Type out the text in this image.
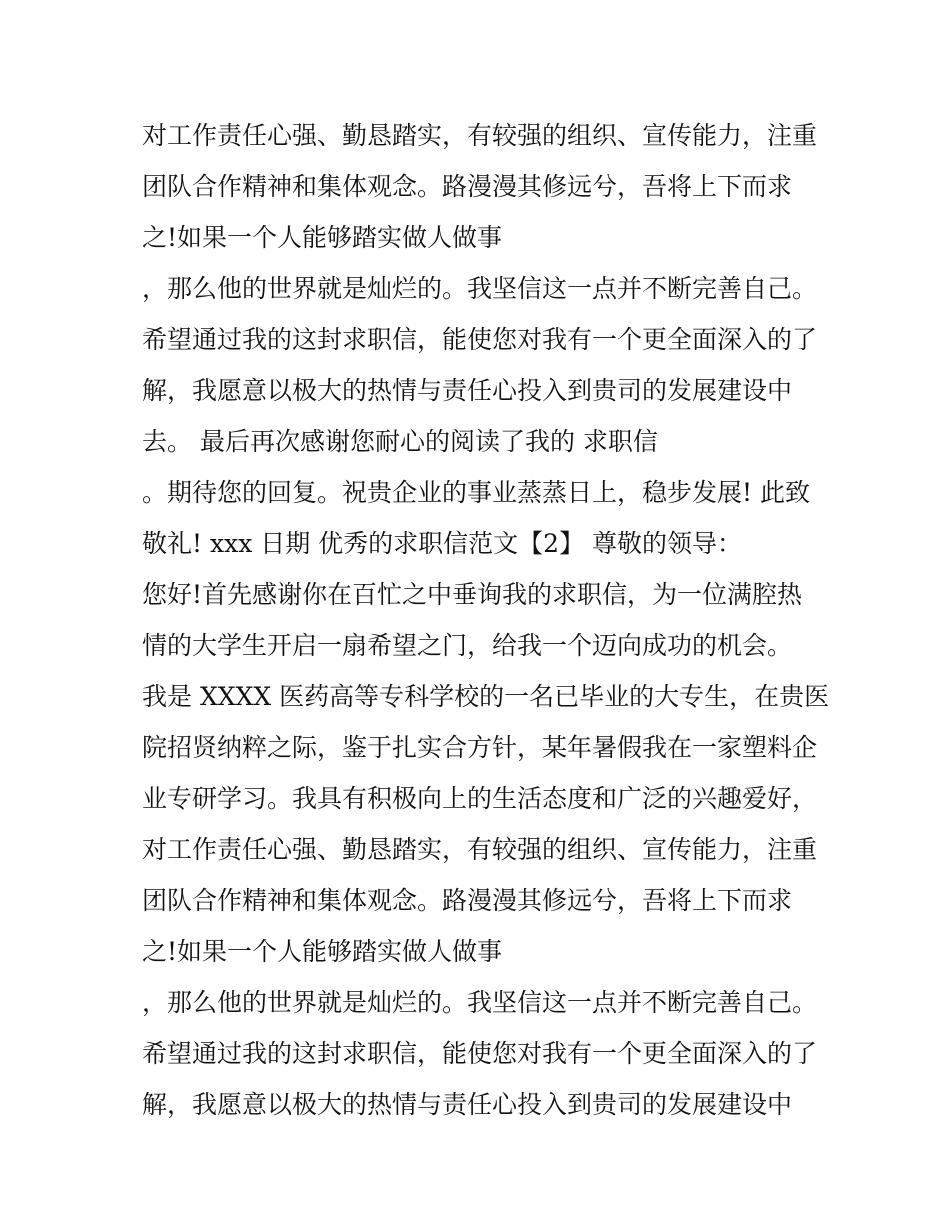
对工作责任心强、勤恳踏实，有较强的组织、宣传能力，注重
团队合作精神和集体观念。路漫漫其修远兮，吾将上下而求
之!如果一个人能够踏实做人做事
，那么他的世界就是灿烂的。我坚信这一点并不断完善自己。
希望通过我的这封求职信，能使您对我有一个更全面深入的了
解，我愿意以极大的热情与责任心投入到贵司的发展建设中
去。 最后再次感谢您耐心的阅读了我的 求职信
。期待您的回复。祝贵企业的事业蒸蒸日上，稳步发展! 此致
敬礼! xxx 日期 优秀的求职信范文【2】 尊敬的领导：
您好!首先感谢你在百忙之中垂询我的求职信，为一位满腔热
情的大学生开启一扇希望之门，给我一个迈向成功的机会。
我是 XXXX 医药高等专科学校的一名已毕业的大专生，在贵医
院招贤纳粹之际，鉴于扎实合方针，某年暑假我在一家塑料企
业专研学习。我具有积极向上的生活态度和广泛的兴趣爱好，
对工作责任心强、勤恳踏实，有较强的组织、宣传能力，注重
团队合作精神和集体观念。路漫漫其修远兮，吾将上下而求
之!如果一个人能够踏实做人做事
，那么他的世界就是灿烂的。我坚信这一点并不断完善自己。
希望通过我的这封求职信，能使您对我有一个更全面深入的了
解，我愿意以极大的热情与责任心投入到贵司的发展建设中
